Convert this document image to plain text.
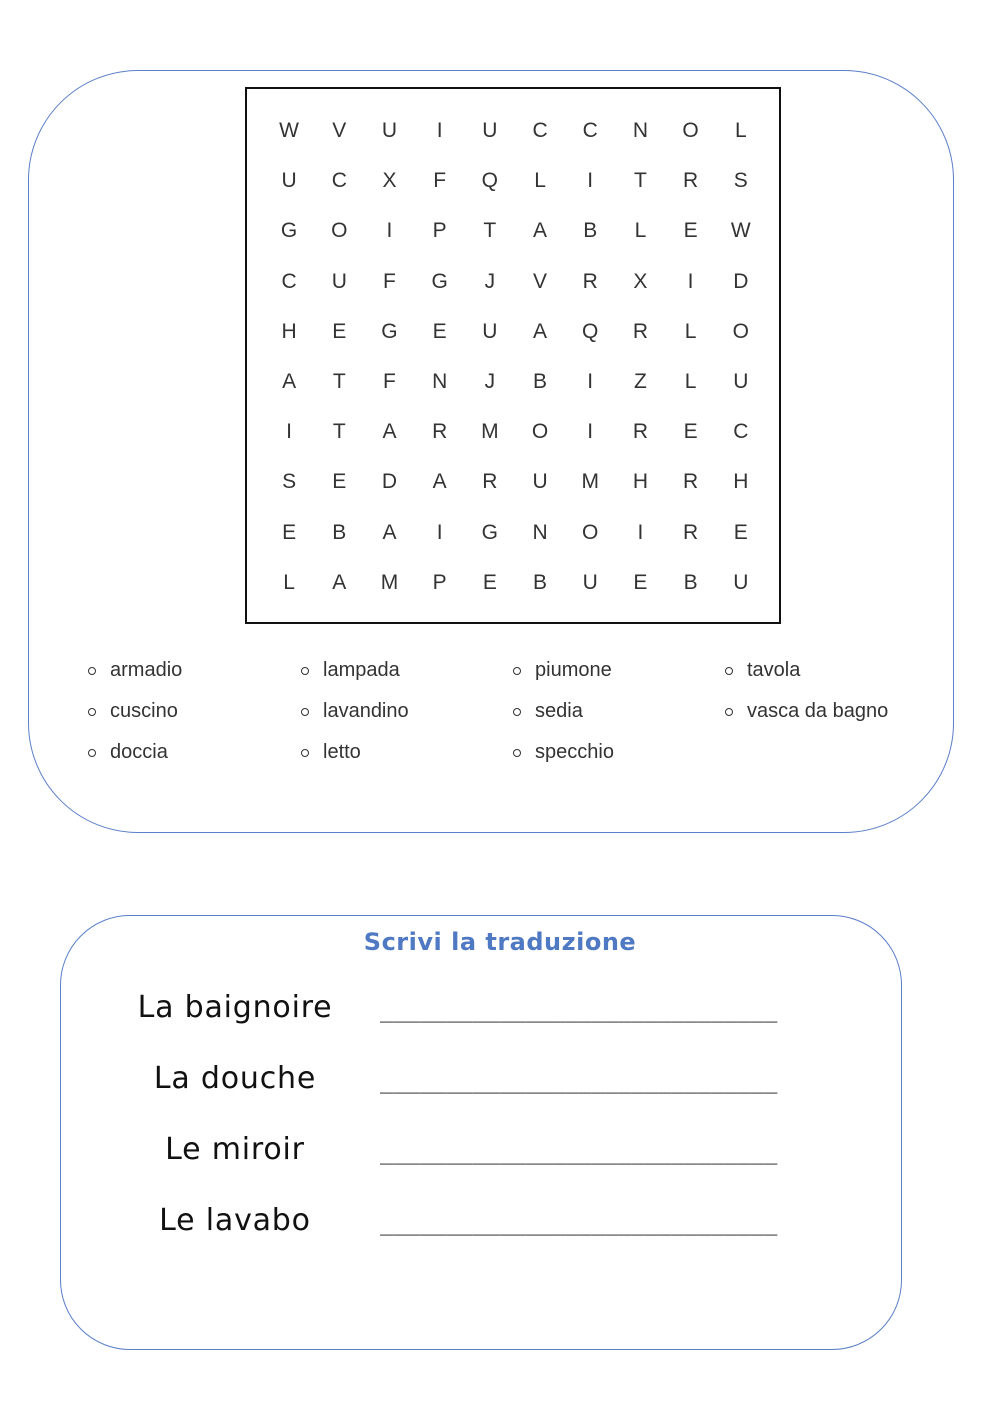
W	V	U	I	U	C	C	N	O	L
U	C	X	F	Q	L	I	T	R	S
G	O	I	P	T	A	B	L	E	W
C	U	F	G	J	V	R	X	I	D
H	E	G	E	U	A	Q	R	L	O
A	T	F	N	J	B	I	Z	L	U
I	T	A	R	M	O	I	R	E	C
S	E	D	A	R	U	M	H	R	H
E	B	A	I	G	N	O	I	R	E
L	A	M	P	E	B	U	E	B	U
armadio
cuscino
doccia
lampada
lavandino
letto
piumone
sedia
specchio
tavola
vasca da bagno
Scrivi la traduzione
La baignoire	______________________________
La douche	______________________________
Le miroir	______________________________
Le lavabo	______________________________
